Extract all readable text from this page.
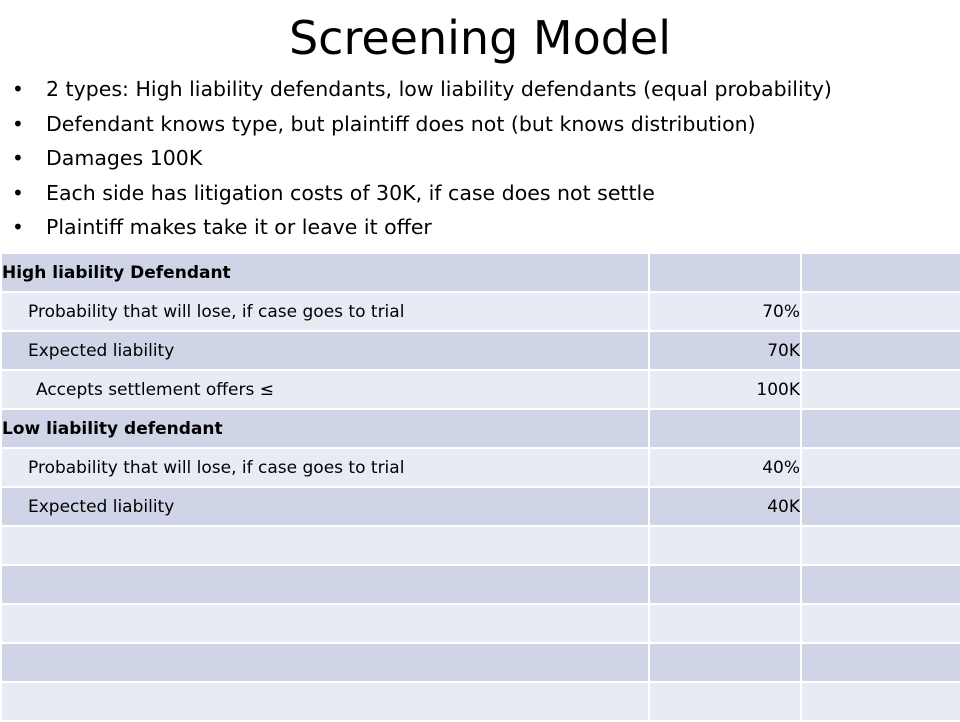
Screening Model
• 2 types: High liability defendants, low liability defendants (equal probability)
• Defendant knows type, but plaintiff does not (but knows distribution)
• Damages 100K
• Each side has litigation costs of 30K, if case does not settle
• Plaintiff makes take it or leave it offer
High liability Defendant		
Probability that will lose, if case goes to trial	70%	
Expected liability	70K	
Accepts settlement offers ≤	100K	
Low liability defendant		
Probability that will lose, if case goes to trial	40%	
Expected liability	40K	
